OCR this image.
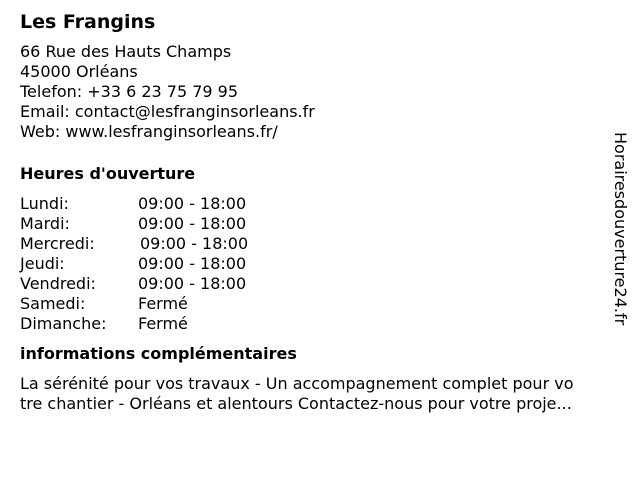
Les Frangins
66 Rue des Hauts Champs
45000 Orléans
Telefon: +33 6 23 75 79 95
Email: contact@lesfranginsorleans.fr
Web: www.lesfranginsorleans.fr/
Heures d'ouverture
Lundi:	09:00 - 18:00
Mardi:	09:00 - 18:00
Mercredi:	09:00 - 18:00
Jeudi:	09:00 - 18:00
Vendredi:	09:00 - 18:00
Samedi:	Fermé
Dimanche: Fermé
informations complémentaires
La sérénité pour vos travaux - Un accompagnement complet pour vo
tre chantier - Orléans et alentours Contactez-nous pour votre proje...
Horairesdouverture24.fr
